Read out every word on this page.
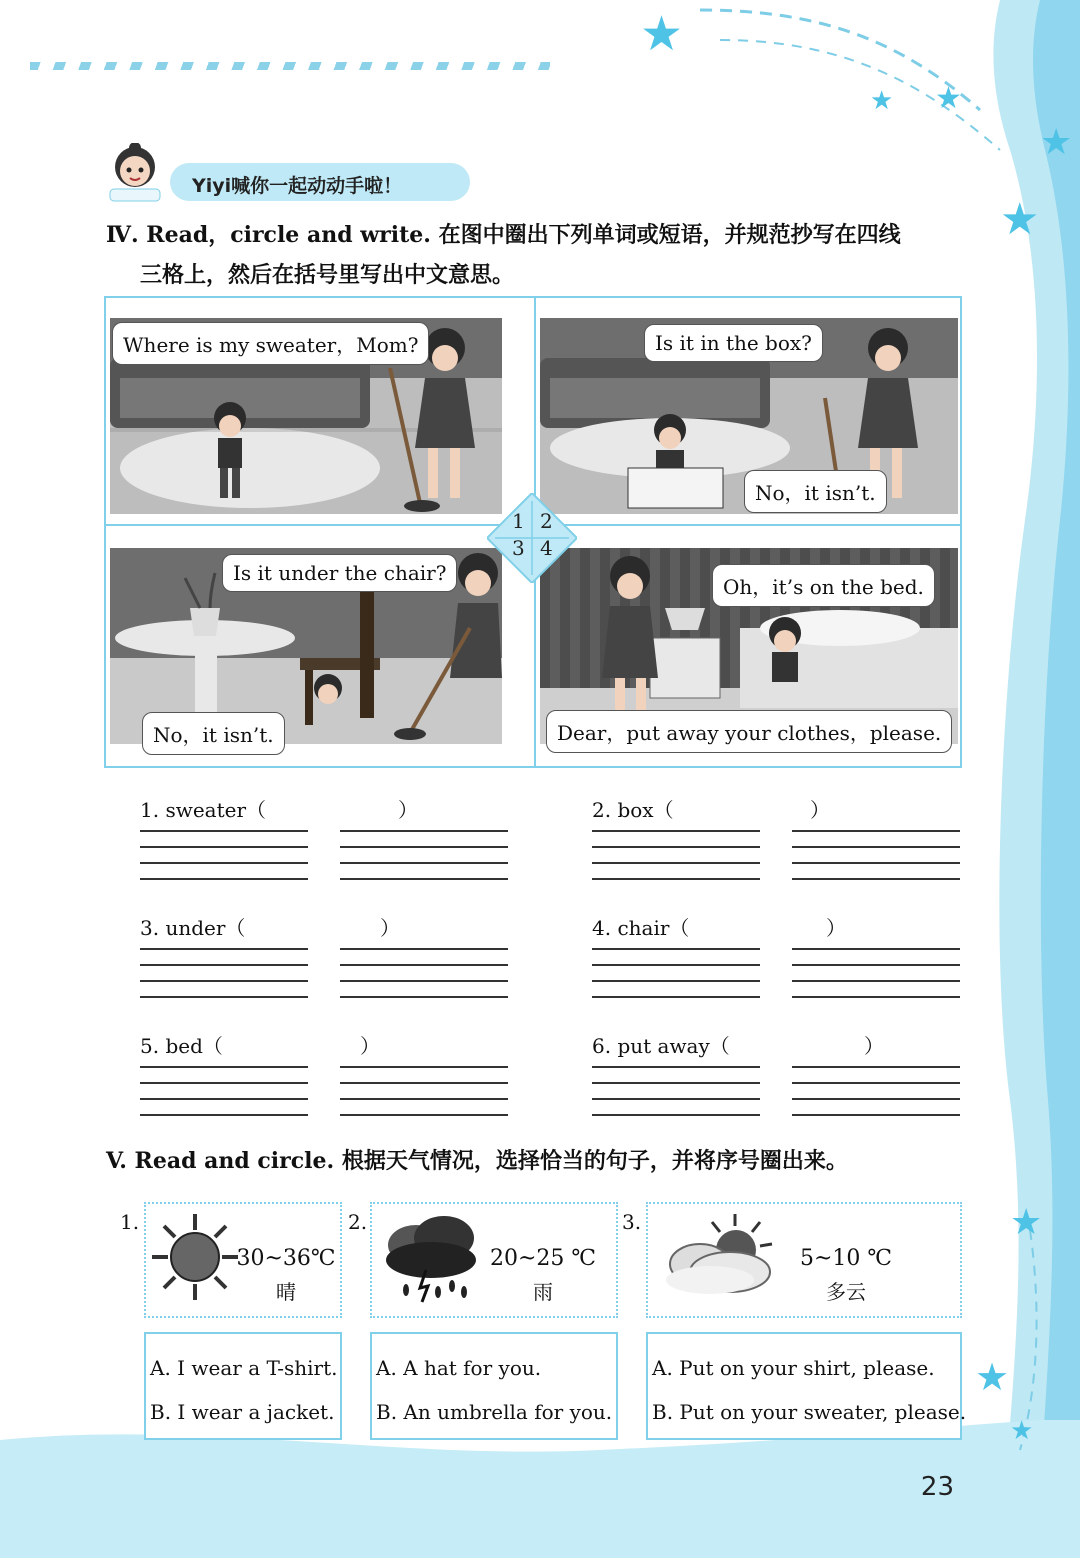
★
★ ★
★
★
★
★
★
Yiyi喊你一起动动手啦！
Ⅳ. Read，circle and write. 在图中圈出下列单词或短语，并规范抄写在四线
三格上，然后在括号里写出中文意思。
Where is my sweater，Mom?	Is it in the box?
No，it isn’t.
Is it under the chair?
No，it isn’t.
Oh，it’s on the bed.
Dear，put away your clothes，please.
1 2
3 4
1. sweater（	）	2. box（	）
3. under（	）	4. chair（	）
5. bed（	）	6. put away（	）
V. Read and circle. 根据天气情况，选择恰当的句子，并将序号圈出来。
1.
30~36℃
晴
A. I wear a T-shirt.
B. I wear a jacket.
2.
20~25 ℃
雨
A. A hat for you.
B. An umbrella for you.
3.
5~10 ℃
多云
A. Put on your shirt, please.
B. Put on your sweater, please.
23
